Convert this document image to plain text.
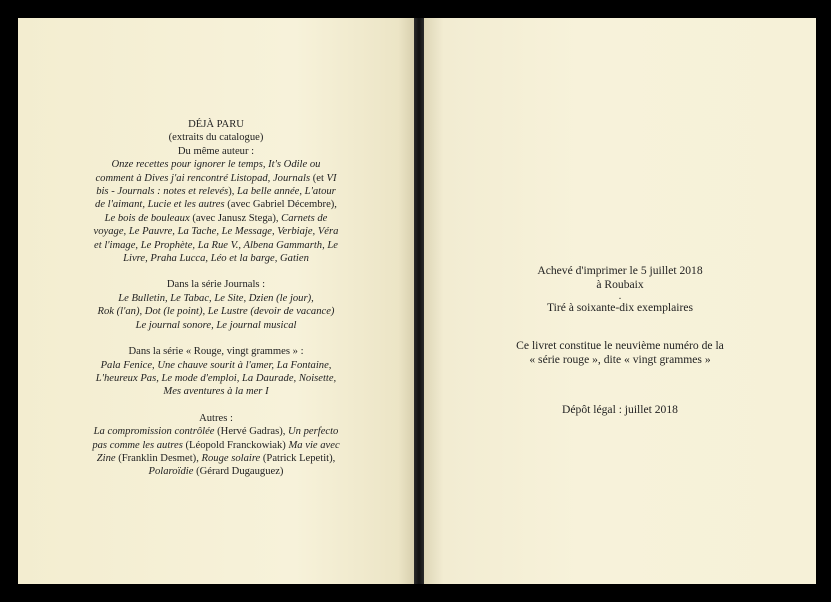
DÉJÀ PARU

(extraits du catalogue)

Du même auteur :

Onze recettes pour ignorer le temps, It's Odile ou

comment à Dives j'ai rencontré Listopad, Journals (et VI

bis - Journals : notes et relevés), La belle année, L'atour

de l'aimant, Lucie et les autres (avec Gabriel Décembre),

Le bois de bouleaux (avec Janusz Stega), Carnets de

voyage, Le Pauvre, La Tache, Le Message, Verbiaje, Véra

et l'image, Le Prophète, La Rue V., Albena Gammarth, Le

Livre, Praha Lucca, Léo et la barge, Gatien

Dans la série Journals :

Le Bulletin, Le Tabac, Le Site, Dzien (le jour),

Rok (l'an), Dot (le point), Le Lustre (devoir de vacance)

Le journal sonore, Le journal musical

Dans la série « Rouge, vingt grammes » :

Pala Fenice, Une chauve sourit à l'amer, La Fontaine,

L'heureux Pas, Le mode d'emploi, La Daurade, Noisette,

Mes aventures à la mer I

Autres :

La compromission contrôlée (Hervé Gadras), Un perfecto

pas comme les autres (Léopold Franckowiak) Ma vie avec

Zine (Franklin Desmet), Rouge solaire (Patrick Lepetit),

Polaroïdie (Gérard Dugauguez)

Achevé d'imprimer le 5 juillet 2018

à Roubaix

.

Tiré à soixante-dix exemplaires

Ce livret constitue le neuvième numéro de la

« série rouge », dite « vingt grammes »

Dépôt légal : juillet 2018
